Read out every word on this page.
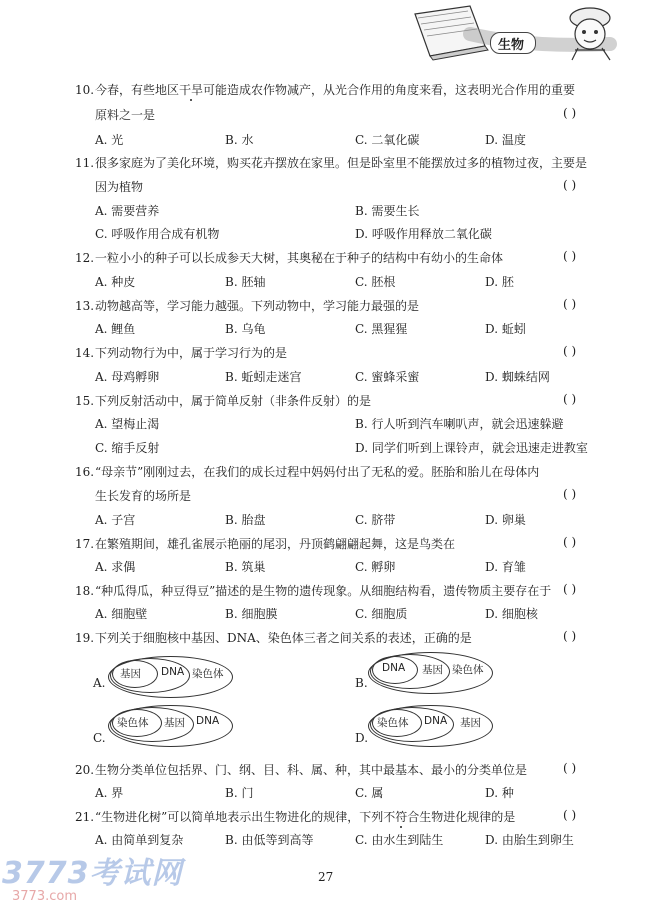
生物
10.今春，有些地区干旱可能造成农作物减产，从光合作用的角度来看，这表明光合作用的重要
原料之一是	( )
A. 光	B. 水	C. 二氧化碳	D. 温度
11.很多家庭为了美化环境，购买花卉摆放在家里。但是卧室里不能摆放过多的植物过夜，主要是
因为植物	( )
A. 需要营养	B. 需要生长
C. 呼吸作用合成有机物	D. 呼吸作用释放二氧化碳
12.一粒小小的种子可以长成参天大树，其奥秘在于种子的结构中有幼小的生命体	( )
A. 种皮	B. 胚轴	C. 胚根	D. 胚
13.动物越高等，学习能力越强。下列动物中，学习能力最强的是	( )
A. 鲤鱼	B. 乌龟	C. 黑猩猩	D. 蚯蚓
14.下列动物行为中，属于学习行为的是	( )
A. 母鸡孵卵	B. 蚯蚓走迷宫	C. 蜜蜂采蜜	D. 蜘蛛结网
15.下列反射活动中，属于简单反射（非条件反射）的是	( )
A. 望梅止渴	B. 行人听到汽车喇叭声，就会迅速躲避
C. 缩手反射	D. 同学们听到上课铃声，就会迅速走进教室
16.“母亲节”刚刚过去，在我们的成长过程中妈妈付出了无私的爱。胚胎和胎儿在母体内
生长发育的场所是	( )
A. 子宫	B. 胎盘	C. 脐带	D. 卵巢
17.在繁殖期间，雄孔雀展示艳丽的尾羽，丹顶鹤翩翩起舞，这是鸟类在	( )
A. 求偶	B. 筑巢	C. 孵卵	D. 育雏
18.“种瓜得瓜，种豆得豆”描述的是生物的遗传现象。从细胞结构看，遗传物质主要存在于 ( )
A. 细胞壁	B. 细胞膜	C. 细胞质	D. 细胞核
19.下列关于细胞核中基因、DNA、染色体三者之间关系的表述，正确的是	( )
A.
基因 DNA 染色体
B.
DNA 基因 染色体
C.
染色体 基因 DNA
D.
染色体 DNA 基因
20.生物分类单位包括界、门、纲、目、科、属、种，其中最基本、最小的分类单位是	( )
A. 界	B. 门	C. 属	D. 种
21.“生物进化树”可以简单地表示出生物进化的规律，下列不符合生物进化规律的是	( )
A. 由简单到复杂	B. 由低等到高等	C. 由水生到陆生	D. 由胎生到卵生
27
3773考试网
3773.com
